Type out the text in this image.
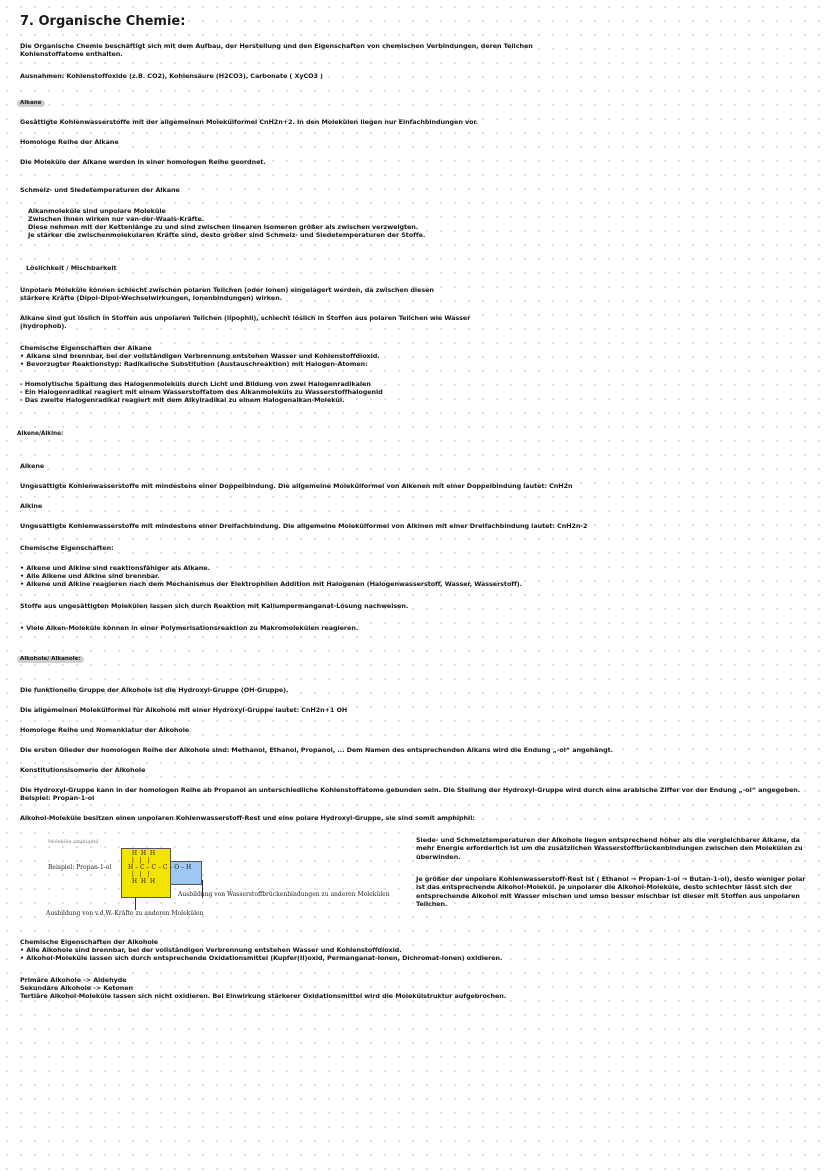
7. Organische Chemie:
Die Organische Chemie beschäftigt sich mit dem Aufbau, der Herstellung und den Eigenschaften von chemischen Verbindungen, deren Teilchen
Kohlenstoffatome enthalten.
Ausnahmen: Kohlenstoffoxide (z.B. CO2), Kohlensäure (H2CO3), Carbonate ( XyCO3 )
Alkane
Gesättigte Kohlenwasserstoffe mit der allgemeinen Molekülformel CnH2n+2. In den Molekülen liegen nur Einfachbindungen vor.
Homologe Reihe der Alkane
Die Moleküle der Alkane werden in einer homologen Reihe geordnet.
Schmelz- und Siedetemperaturen der Alkane
Alkanmoleküle sind unpolare Moleküle
Zwischen ihnen wirken nur van-der-Waals-Kräfte.
Diese nehmen mit der Kettenlänge zu und sind zwischen linearen Isomeren größer als zwischen verzweigten.
Je stärker die zwischenmolekularen Kräfte sind, desto größer sind Schmelz- und Siedetemperaturen der Stoffe.
Löslichkeit / Mischbarkeit
Unpolare Moleküle können schlecht zwischen polaren Teilchen (oder Ionen) eingelagert werden, da zwischen diesen
stärkere Kräfte (Dipol-Dipol-Wechselwirkungen, Ionenbindungen) wirken.
Alkane sind gut löslich in Stoffen aus unpolaren Teilchen (lipophil), schlecht löslich in Stoffen aus polaren Teilchen wie Wasser
(hydrophob).
Chemische Eigenschaften der Alkane
• Alkane sind brennbar, bei der vollständigen Verbrennung entstehen Wasser und Kohlenstoffdioxid.
• Bevorzugter Reaktionstyp: Radikalische Substitution (Austauschreaktion) mit Halogen-Atomen:
- Homolytische Spaltung des Halogenmoleküls durch Licht und Bildung von zwei Halogenradikalen
- Ein Halogenradikal reagiert mit einem Wasserstoffatom des Alkanmoleküls zu Wasserstoffhalogenid
- Das zweite Halogenradikal reagiert mit dem Alkylradikal zu einem Halogenalkan-Molekül.
Alkene/Alkine:
Alkene
Ungesättigte Kohlenwasserstoffe mit mindestens einer Doppelbindung. Die allgemeine Molekülformel von Alkenen mit einer Doppelbindung lautet: CnH2n
Alkine
Ungesättigte Kohlenwasserstoffe mit mindestens einer Dreifachbindung. Die allgemeine Molekülformel von Alkinen mit einer Dreifachbindung lautet: CnH2n-2
Chemische Eigenschaften:
• Alkene und Alkine sind reaktionsfähiger als Alkane.
• Alle Alkene und Alkine sind brennbar.
• Alkene und Alkine reagieren nach dem Mechanismus der Elektrophilen Addition mit Halogenen (Halogenwasserstoff, Wasser, Wasserstoff).
Stoffe aus ungesättigten Molekülen lassen sich durch Reaktion mit Kaliumpermanganat-Lösung nachweisen.
• Viele Alken-Moleküle können in einer Polymerisationsreaktion zu Makromolekülen reagieren.
Alkohole/ Alkanole:
Die funktionelle Gruppe der Alkohole ist die Hydroxyl-Gruppe (OH-Gruppe).
Die allgemeinen Molekülformel für Alkohole mit einer Hydroxyl-Gruppe lautet: CnH2n+1 OH
Homologe Reihe und Nomenklatur der Alkohole
Die ersten Glieder der homologen Reihe der Alkohole sind: Methanol, Ethanol, Propanol, ... Dem Namen des entsprechenden Alkans wird die Endung „-ol“ angehängt.
Konstitutionsisomerie der Alkohole
Die Hydroxyl-Gruppe kann in der homologen Reihe ab Propanol an unterschiedliche Kohlenstoffatome gebunden sein. Die Stellung der Hydroxyl-Gruppe wird durch eine arabische Ziffer vor der Endung „-ol“ angegeben.
Beispiel: Propan-1-ol
Alkohol-Moleküle besitzen einen unpolaren Kohlenwasserstoff-Rest und eine polare Hydroxyl-Gruppe, sie sind somit amphiphil:
Moleküle amphiphil
Beispiel: Propan-1-ol
H  H  H
|   |   |
H – C – C – C – O – H
|   |   |
H  H  H
Ausbildung von Wasserstoffbrückenbindungen zu anderen Molekülen
Ausbildung von v.d.W.-Kräfte zu anderen Molekülen
Siede- und Schmelztemperaturen der Alkohole liegen entsprechend höher als die vergleichbarer Alkane, da mehr Energie erforderlich ist um die zusätzlichen Wasserstoffbrückenbindungen zwischen den Molekülen zu überwinden.
Je größer der unpolare Kohlenwasserstoff-Rest ist ( Ethanol → Propan-1-ol → Butan-1-ol), desto weniger polar ist das entsprechende Alkohol-Molekül. Je unpolarer die Alkohol-Moleküle, desto schlechter lässt sich der entsprechende Alkohol mit Wasser mischen und umso besser mischbar ist dieser mit Stoffen aus unpolaren Teilchen.
Chemische Eigenschaften der Alkohole
• Alle Alkohole sind brennbar, bei der vollständigen Verbrennung entstehen Wasser und Kohlenstoffdioxid.
• Alkohol-Moleküle lassen sich durch entsprechende Oxidationsmittel (Kupfer(II)oxid, Permanganat-Ionen, Dichromat-Ionen) oxidieren.
Primäre Alkohole -> Aldehyde
Sekundäre Alkohole -> Ketonen
Tertiäre Alkohol-Moleküle lassen sich nicht oxidieren. Bei Einwirkung stärkerer Oxidationsmittel wird die Molekülstruktur aufgebrochen.
